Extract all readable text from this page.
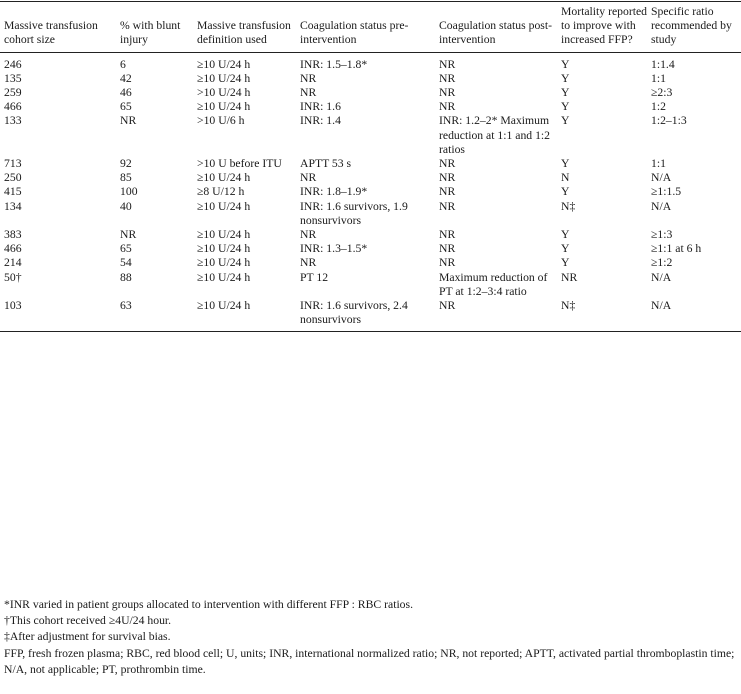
Massive transfusion cohort size	% with blunt injury	Massive transfusion definition used	Coagulation status pre-intervention	Coagulation status post-intervention	Mortality reported to improve with increased FFP?	Specific ratio recommended by study
246	6	≥10 U/24 h	INR: 1.5–1.8*	NR	Y	1:1.4
135	42	≥10 U/24 h	NR	NR	Y	1:1
259	46	>10 U/24 h	NR	NR	Y	≥2:3
466	65	≥10 U/24 h	INR: 1.6	NR	Y	1:2
133	NR	>10 U/6 h	INR: 1.4	INR: 1.2–2* Maximum reduction at 1:1 and 1:2 ratios	Y	1:2–1:3
713	92	>10 U before ITU	APTT 53 s	NR	Y	1:1
250	85	≥10 U/24 h	NR	NR	N	N/A
415	100	≥8 U/12 h	INR: 1.8–1.9*	NR	Y	≥1:1.5
134	40	≥10 U/24 h	INR: 1.6 survivors, 1.9 nonsurvivors	NR	N‡	N/A
383	NR	≥10 U/24 h	NR	NR	Y	≥1:3
466	65	≥10 U/24 h	INR: 1.3–1.5*	NR	Y	≥1:1 at 6 h
214	54	≥10 U/24 h	NR	NR	Y	≥1:2
50†	88	≥10 U/24 h	PT 12	Maximum reduction of PT at 1:2–3:4 ratio	NR	N/A
103	63	≥10 U/24 h	INR: 1.6 survivors, 2.4 nonsurvivors	NR	N‡	N/A

*INR varied in patient groups allocated to intervention with different FFP : RBC ratios.

†This cohort received ≥4U/24 hour.

‡After adjustment for survival bias.

FFP, fresh frozen plasma; RBC, red blood cell; U, units; INR, international normalized ratio; NR, not reported; APTT, activated partial thromboplastin time; N/A, not applicable; PT, prothrombin time.
